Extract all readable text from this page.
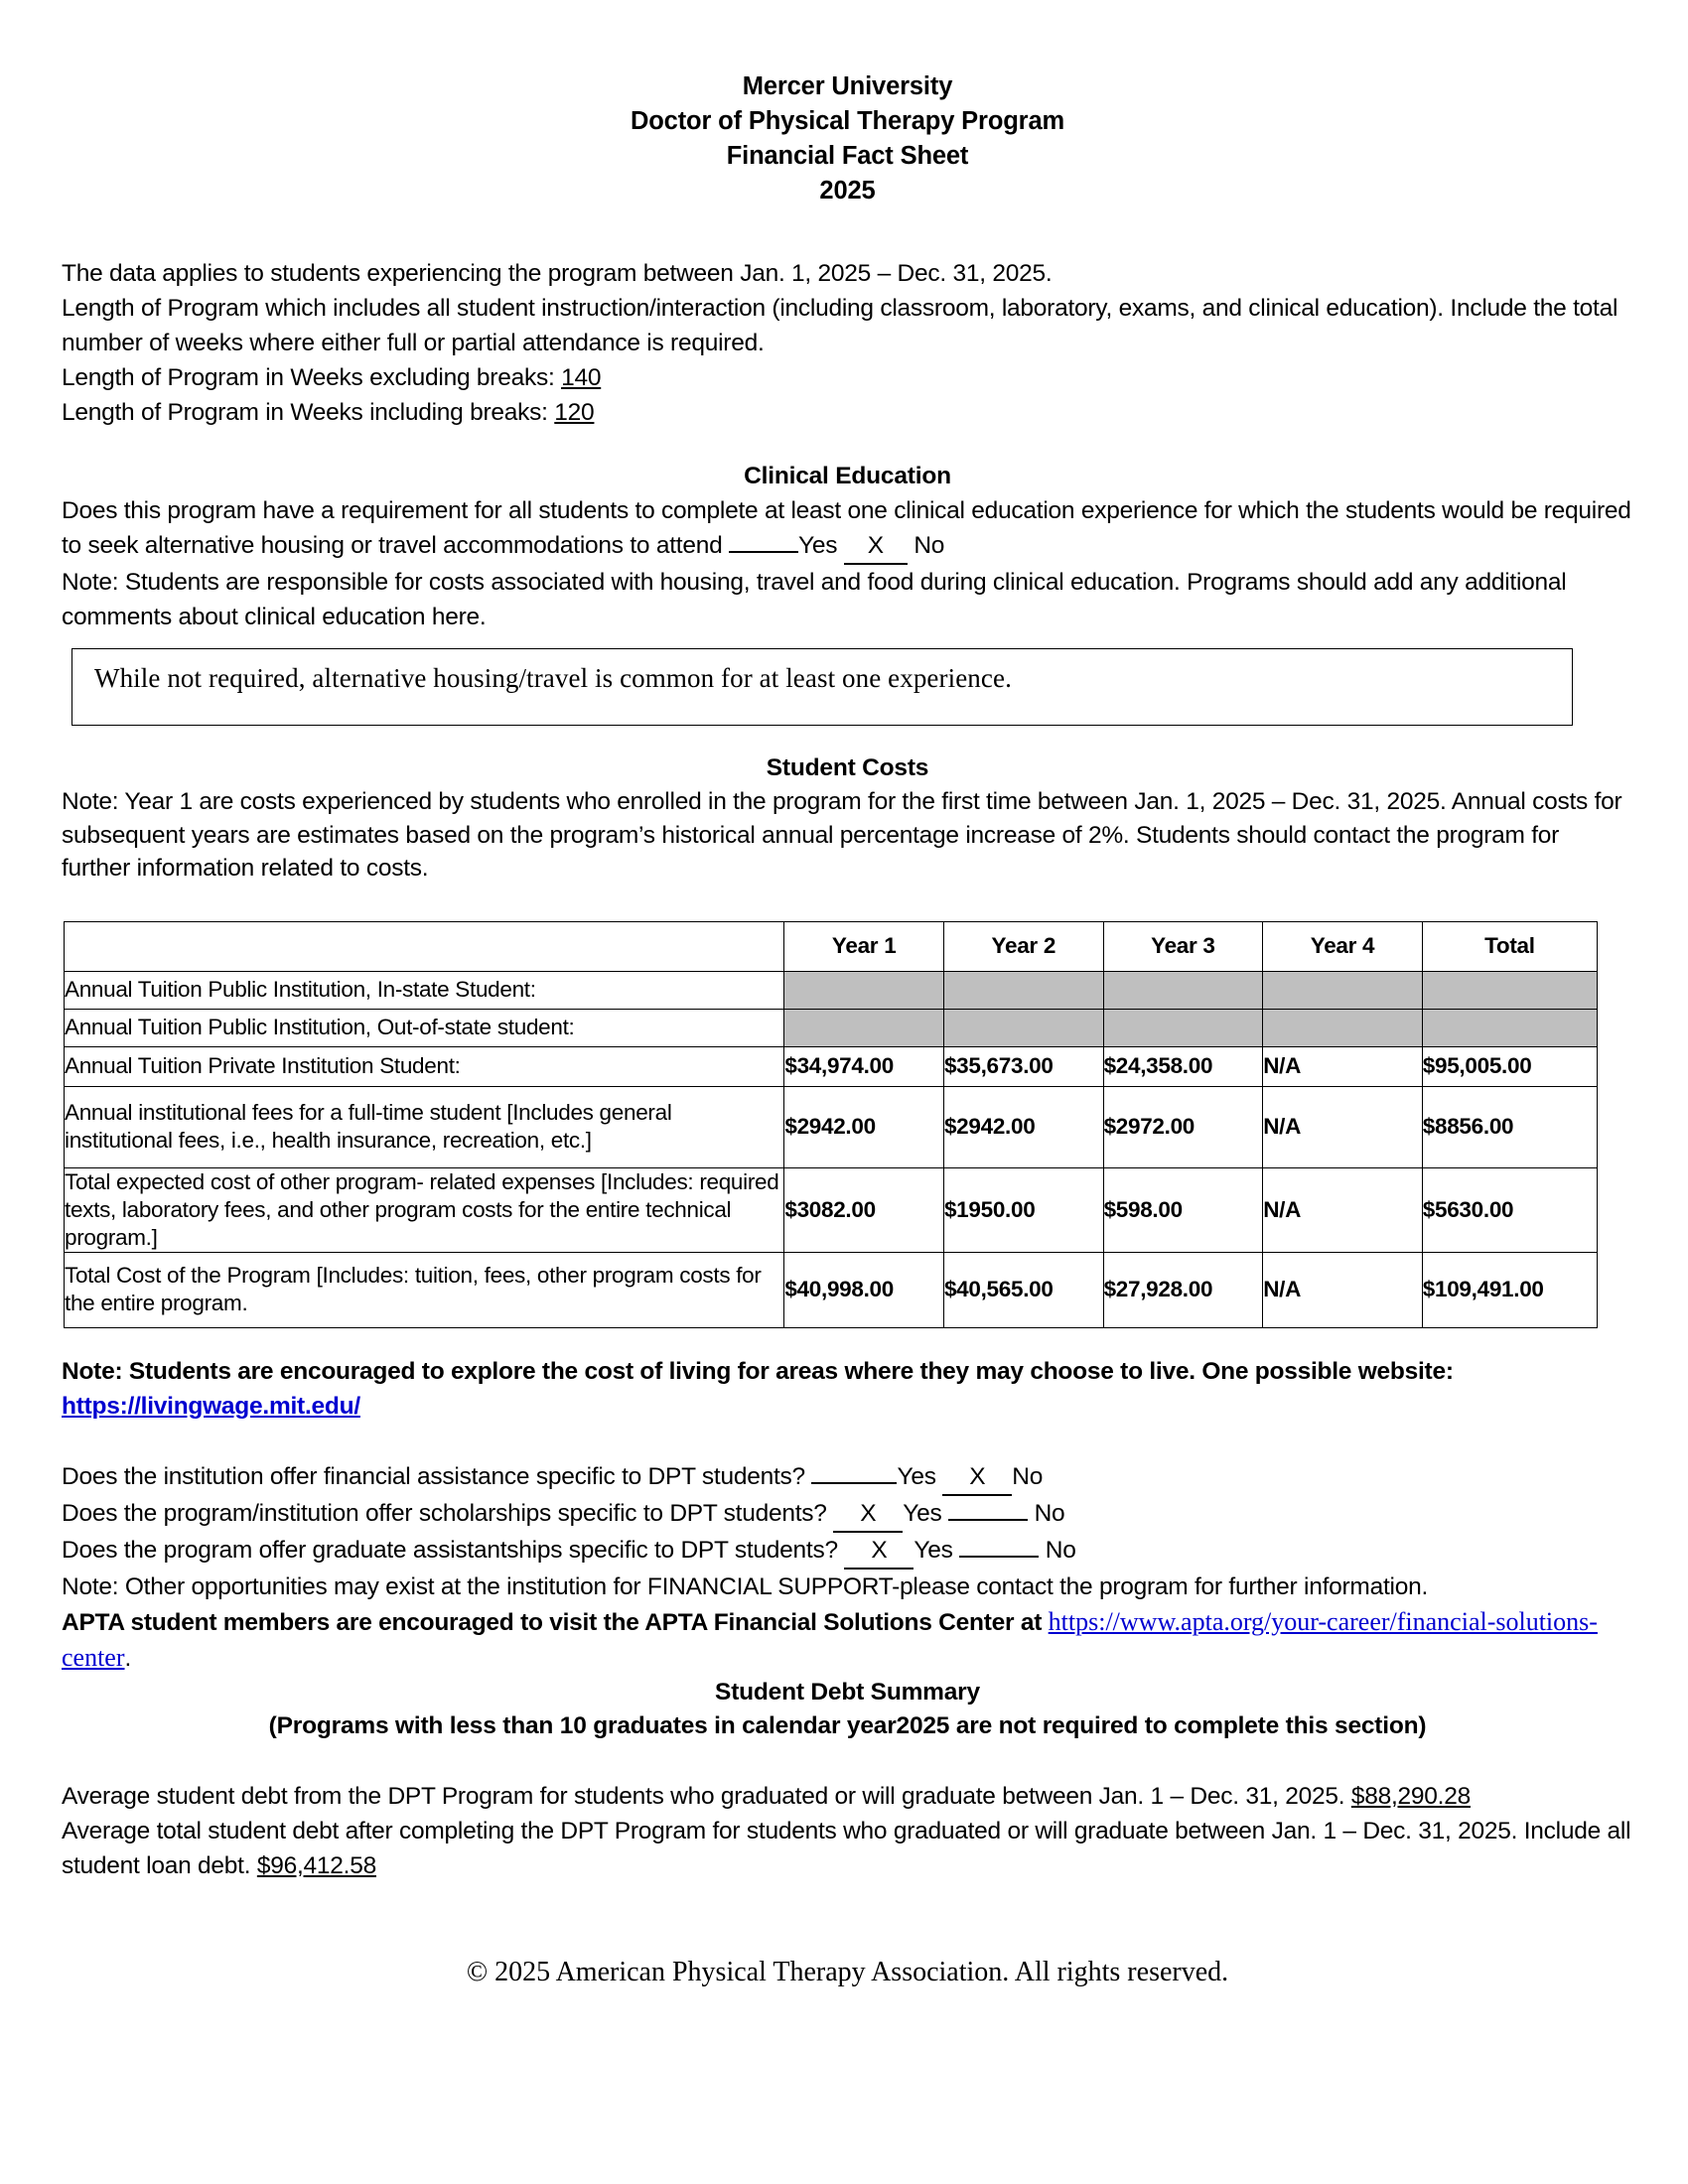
Mercer University
Doctor of Physical Therapy Program
Financial Fact Sheet
2025

The data applies to students experiencing the program between Jan. 1, 2025 – Dec. 31, 2025.

Length of Program which includes all student instruction/interaction (including classroom, laboratory, exams, and clinical education). Include the total number of weeks where either full or partial attendance is required.

Length of Program in Weeks excluding breaks: 140

Length of Program in Weeks including breaks: 120

Clinical Education

Does this program have a requirement for all students to complete at least one clinical education experience for which the students would be required to seek alternative housing or travel accommodations to attend	Yes X No

Note: Students are responsible for costs associated with housing, travel and food during clinical education. Programs should add any additional comments about clinical education here.

While not required, alternative housing/travel is common for at least one experience.
Student Costs

Note: Year 1 are costs experienced by students who enrolled in the program for the first time between Jan. 1, 2025 – Dec. 31, 2025. Annual costs for subsequent years are estimates based on the program’s historical annual percentage increase of 2%. Students should contact the program for further information related to costs.

	Year 1	Year 2	Year 3	Year 4	Total
Annual Tuition Public Institution, In-state Student:					
Annual Tuition Public Institution, Out-of-state student:					
Annual Tuition Private Institution Student:	$34,974.00	$35,673.00	$24,358.00	N/A	$95,005.00
Annual institutional fees for a full-time student [Includes general institutional fees, i.e., health insurance, recreation, etc.]	$2942.00	$2942.00	$2972.00	N/A	$8856.00
Total expected cost of other program- related expenses [Includes: required texts, laboratory fees, and other program costs for the entire technical program.]	$3082.00	$1950.00	$598.00	N/A	$5630.00
Total Cost of the Program [Includes: tuition, fees, other program costs for the entire program.	$40,998.00	$40,565.00	$27,928.00	N/A	$109,491.00

Note: Students are encouraged to explore the cost of living for areas where they may choose to live. One possible website:

https://livingwage.mit.edu/

Does the institution offer financial assistance specific to DPT students?	Yes X No

Does the program/institution offer scholarships specific to DPT students? X Yes	No

Does the program offer graduate assistantships specific to DPT students? X Yes	No

Note: Other opportunities may exist at the institution for FINANCIAL SUPPORT-please contact the program for further information.

APTA student members are encouraged to visit the APTA Financial Solutions Center at https://www.apta.org/your-career/financial-solutions-center.

Student Debt Summary
(Programs with less than 10 graduates in calendar year2025 are not required to complete this section)

Average student debt from the DPT Program for students who graduated or will graduate between Jan. 1 – Dec. 31, 2025. $88,290.28

Average total student debt after completing the DPT Program for students who graduated or will graduate between Jan. 1 – Dec. 31, 2025. Include all student loan debt. $96,412.58

© 2025 American Physical Therapy Association. All rights reserved.
